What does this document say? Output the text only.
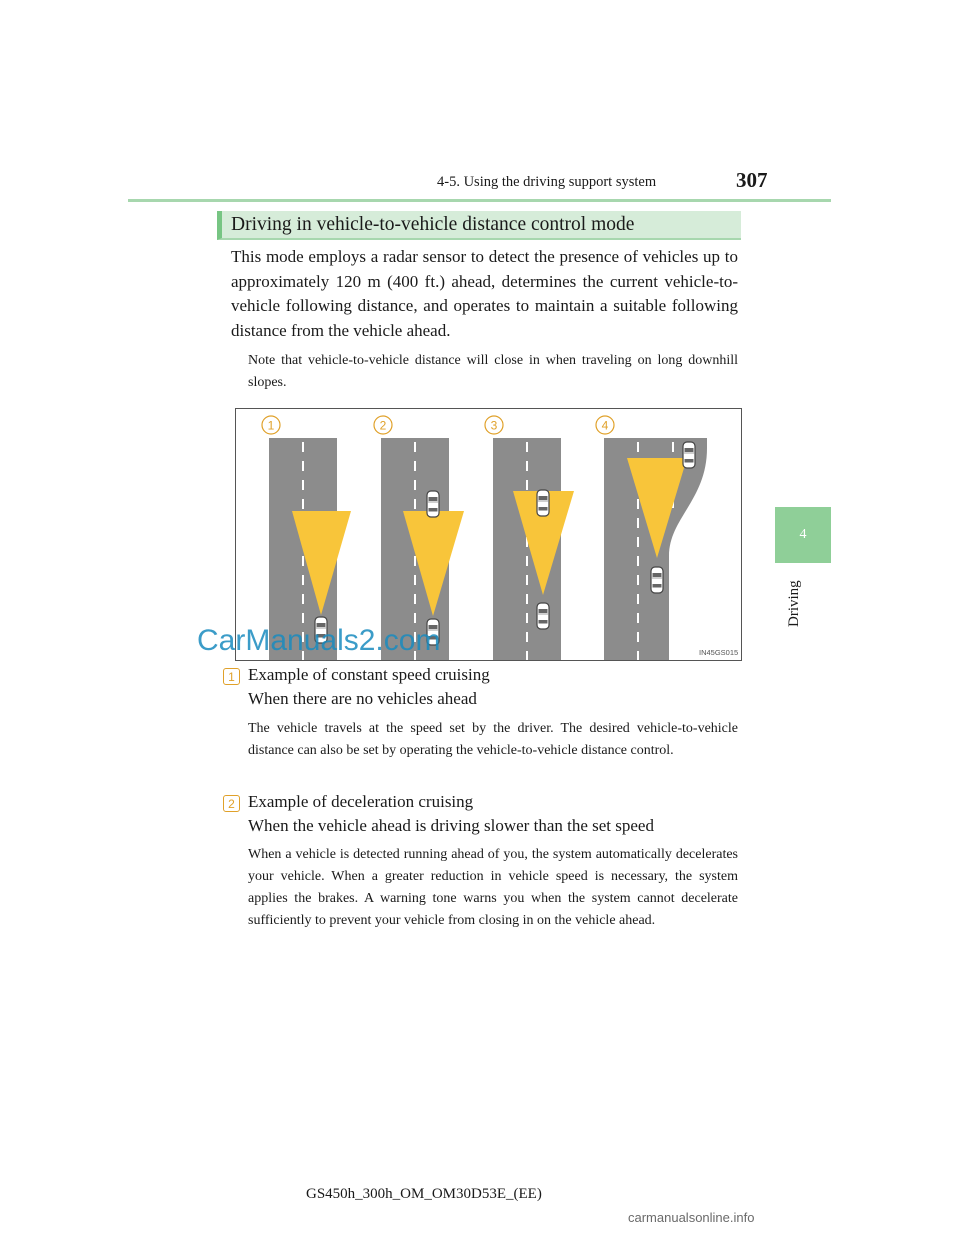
4-5. Using the driving support system	307
4
Driving
Driving in vehicle-to-vehicle distance control mode
This mode employs a radar sensor to detect the presence of vehicles up to approximately 120 m (400 ft.) ahead, determines the current vehicle-to-vehicle following distance, and operates to maintain a suitable following distance from the vehicle ahead.
Note that vehicle-to-vehicle distance will close in when traveling on long downhill slopes.
1	2	3	4
IN45GS015
1 Example of constant speed cruising
When there are no vehicles ahead
The vehicle travels at the speed set by the driver. The desired vehicle-to-vehicle distance can also be set by operating the vehicle-to-vehicle distance control.
2 Example of deceleration cruising
When the vehicle ahead is driving slower than the set speed
When a vehicle is detected running ahead of you, the system automatically decelerates your vehicle. When a greater reduction in vehicle speed is necessary, the system applies the brakes. A warning tone warns you when the system cannot decelerate sufficiently to prevent your vehicle from closing in on the vehicle ahead.
CarManuals2.com
GS450h_300h_OM_OM30D53E_(EE)
carmanualsonline.info
